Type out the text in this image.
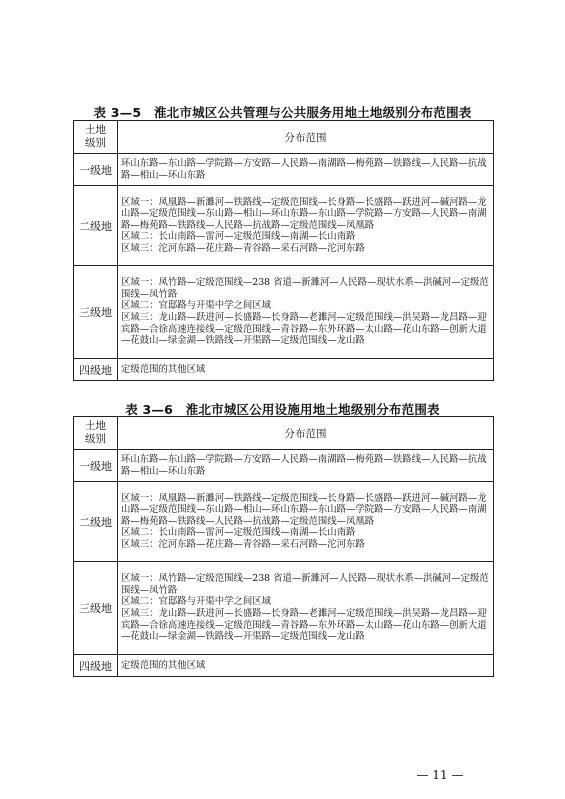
表 3—5　淮北市城区公共管理与公共服务用地土地级别分布范围表
土地
级别	分布范围
一级地	环山东路—东山路—学院路—方安路—人民路—南湖路—梅苑路—铁路线—人民路—抗战路—相山—环山东路
二级地	区域一：凤凰路—新濉河—铁路线—定级范围线—长身路—长盛路—跃进河—碱河路—龙山路—定级范围线—东山路—相山—环山东路—东山路—学院路—方安路—人民路—南湖路—梅苑路—铁路线—人民路—抗战路—定级范围线—凤凰路
区域二：长山南路—雷河—定级范围线—南湖—长山南路
区域三：沱河东路—花庄路—青谷路—采石河路—沱河东路
三级地	区域一：凤竹路—定级范围线—238 省道—新濉河—人民路—现状水系—洪碱河—定级范围线—凤竹路
区域二：官邸路与开渠中学之间区域
区域三：龙山路—跃进河—长盛路—长身路—老濉河—定级范围线—洪吴路—龙昌路—迎宾路—合徐高速连接线—定级范围线—青谷路—东外环路—太山路—花山东路—创新大道—花鼓山—绿金湖—铁路线—开渠路—定级范围线—龙山路
四级地	定级范围的其他区域
表 3—6　淮北市城区公用设施用地土地级别分布范围表
土地
级别	分布范围
一级地	环山东路—东山路—学院路—方安路—人民路—南湖路—梅苑路—铁路线—人民路—抗战路—相山—环山东路
二级地	区域一：凤凰路—新濉河—铁路线—定级范围线—长身路—长盛路—跃进河—碱河路—龙山路—定级范围线—东山路—相山—环山东路—东山路—学院路—方安路—人民路—南湖路—梅苑路—铁路线—人民路—抗战路—定级范围线—凤凰路
区域二：长山南路—雷河—定级范围线—南湖—长山南路
区域三：沱河东路—花庄路—青谷路—采石河路—沱河东路
三级地	区域一：凤竹路—定级范围线—238 省道—新濉河—人民路—现状水系—洪碱河—定级范围线—凤竹路
区域二：官邸路与开渠中学之间区域
区域三：龙山路—跃进河—长盛路—长身路—老濉河—定级范围线—洪吴路—龙昌路—迎宾路—合徐高速连接线—定级范围线—青谷路—东外环路—太山路—花山东路—创新大道—花鼓山—绿金湖—铁路线—开渠路—定级范围线—龙山路
四级地	定级范围的其他区域
— 11 —
